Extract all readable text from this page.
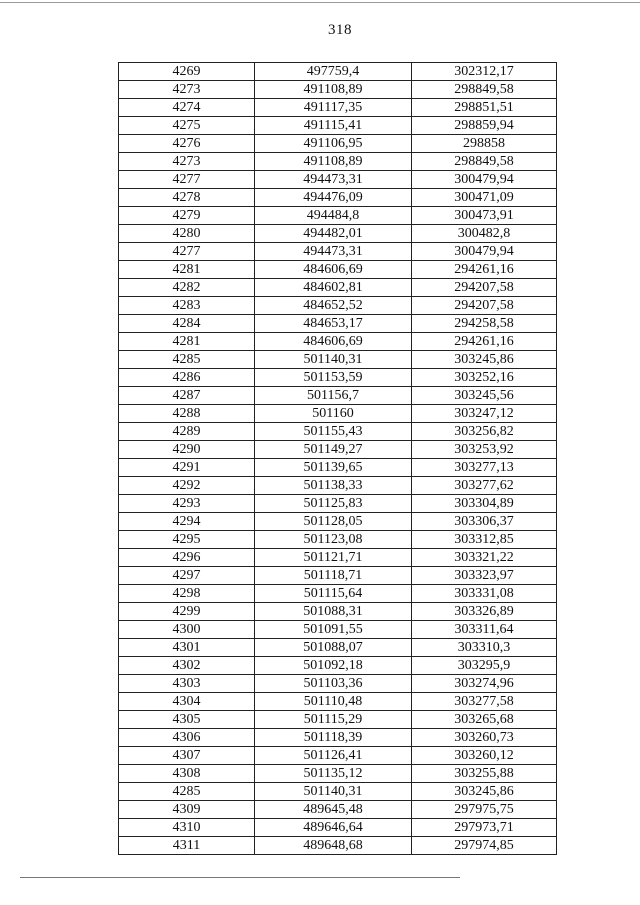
318
4269	497759,4	302312,17
4273	491108,89	298849,58
4274	491117,35	298851,51
4275	491115,41	298859,94
4276	491106,95	298858
4273	491108,89	298849,58
4277	494473,31	300479,94
4278	494476,09	300471,09
4279	494484,8	300473,91
4280	494482,01	300482,8
4277	494473,31	300479,94
4281	484606,69	294261,16
4282	484602,81	294207,58
4283	484652,52	294207,58
4284	484653,17	294258,58
4281	484606,69	294261,16
4285	501140,31	303245,86
4286	501153,59	303252,16
4287	501156,7	303245,56
4288	501160	303247,12
4289	501155,43	303256,82
4290	501149,27	303253,92
4291	501139,65	303277,13
4292	501138,33	303277,62
4293	501125,83	303304,89
4294	501128,05	303306,37
4295	501123,08	303312,85
4296	501121,71	303321,22
4297	501118,71	303323,97
4298	501115,64	303331,08
4299	501088,31	303326,89
4300	501091,55	303311,64
4301	501088,07	303310,3
4302	501092,18	303295,9
4303	501103,36	303274,96
4304	501110,48	303277,58
4305	501115,29	303265,68
4306	501118,39	303260,73
4307	501126,41	303260,12
4308	501135,12	303255,88
4285	501140,31	303245,86
4309	489645,48	297975,75
4310	489646,64	297973,71
4311	489648,68	297974,85
